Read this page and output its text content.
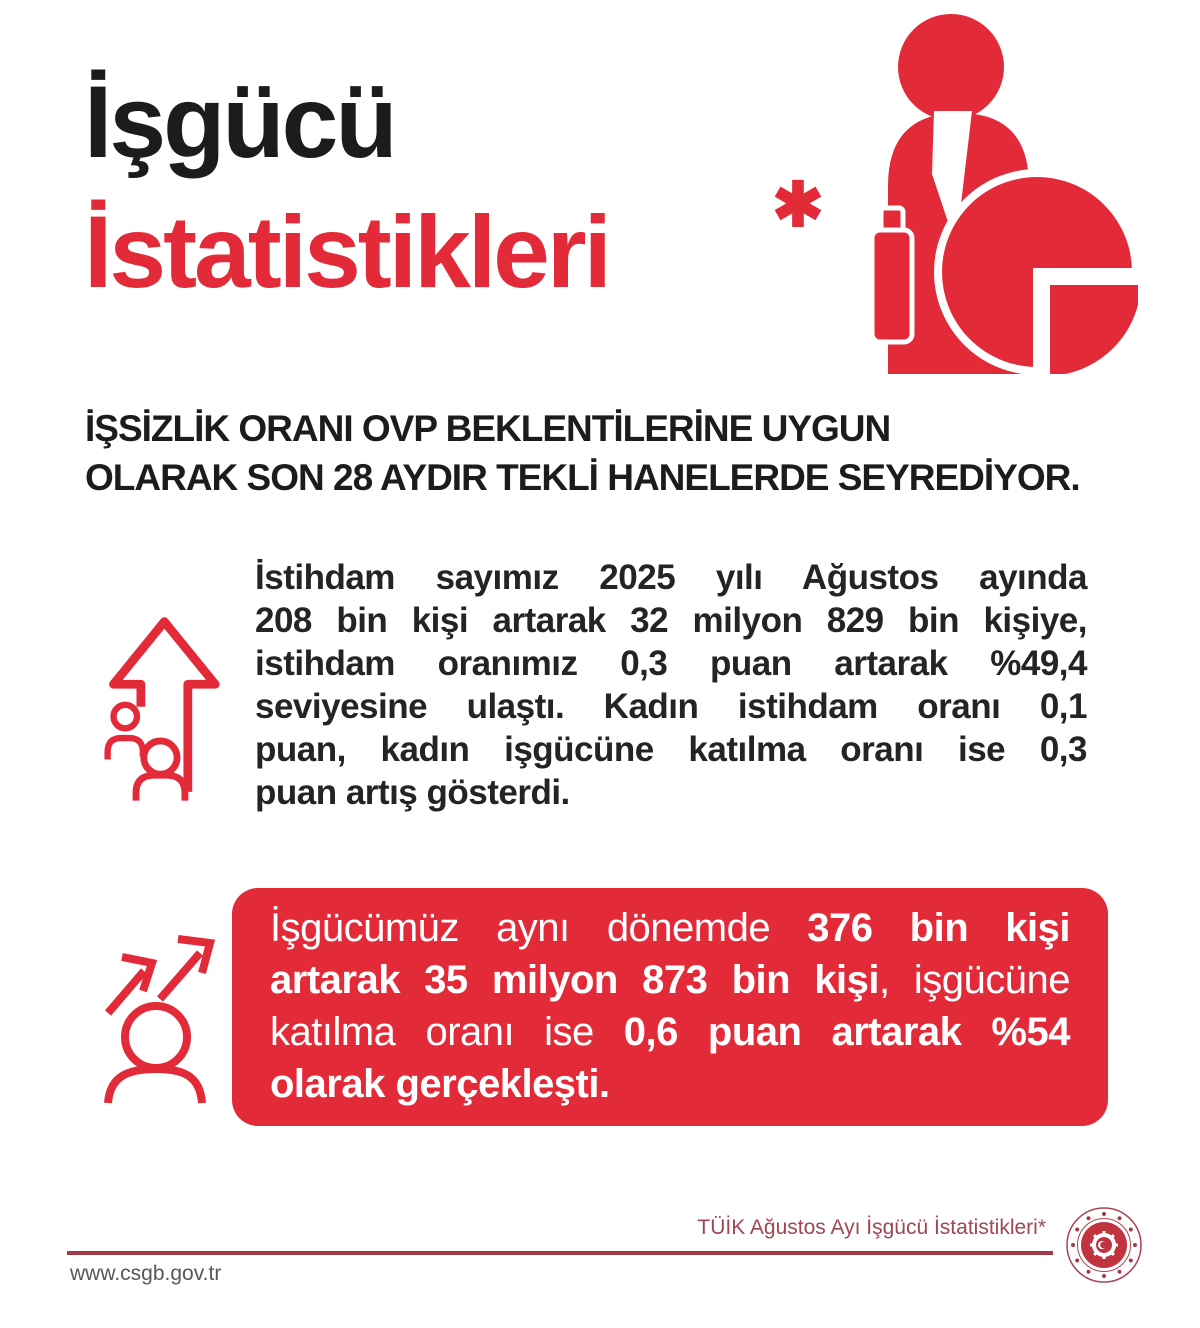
İşgücü
İstatistikleri	✱
İŞSİZLİK ORANI OVP BEKLENTİLERİNE UYGUN
OLARAK SON 28 AYDIR TEKLİ HANELERDE SEYREDİYOR.
İstihdam sayımız 2025 yılı Ağustos ayında
208 bin kişi artarak 32 milyon 829 bin kişiye,
istihdam oranımız 0,3 puan artarak %49,4
seviyesine ulaştı. Kadın istihdam oranı 0,1
puan, kadın işgücüne katılma oranı ise 0,3
puan artış gösterdi.
İşgücümüz aynı dönemde 376 bin kişi
artarak 35 milyon 873 bin kişi, işgücüne
katılma oranı ise 0,6 puan artarak %54
olarak gerçekleşti.
TÜİK Ağustos Ayı İşgücü İstatistikleri*
www.csgb.gov.tr
